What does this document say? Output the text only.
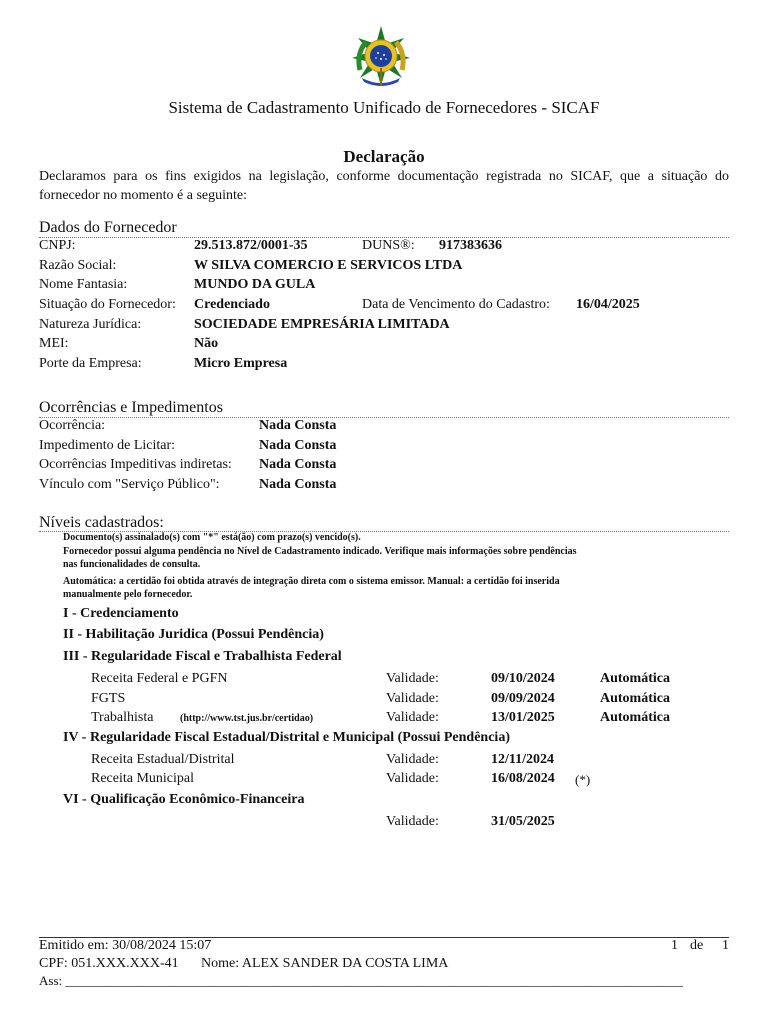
Sistema de Cadastramento Unificado de Fornecedores - SICAF
Declaração
Declaramos para os fins exigidos na legislação, conforme documentação registrada no SICAF, que a situação do fornecedor no momento é a seguinte:
Dados do Fornecedor
CNPJ:	29.513.872/0001-35	DUNS®: 917383636
Razão Social:	W SILVA COMERCIO E SERVICOS LTDA
Nome Fantasia:	MUNDO DA GULA
Situação do Fornecedor: Credenciado	Data de Vencimento do Cadastro: 16/04/2025
Natureza Jurídica:	SOCIEDADE EMPRESÁRIA LIMITADA
MEI:	Não
Porte da Empresa:	Micro Empresa
Ocorrências e Impedimentos
Ocorrência:	Nada Consta
Impedimento de Licitar:	Nada Consta
Ocorrências Impeditivas indiretas: Nada Consta
Vínculo com "Serviço Público":	Nada Consta
Níveis cadastrados:
Documento(s) assinalado(s) com "*" está(ão) com prazo(s) vencido(s).
Fornecedor possui alguma pendência no Nível de Cadastramento indicado. Verifique mais informações sobre pendências
nas funcionalidades de consulta.
Automática: a certidão foi obtida através de integração direta com o sistema emissor. Manual: a certidão foi inserida
manualmente pelo fornecedor.
I - Credenciamento
II - Habilitação Juridica (Possui Pendência)
III - Regularidade Fiscal e Trabalhista Federal
Receita Federal e PGFN	Validade:	09/10/2024	Automática
FGTS	Validade:	09/09/2024	Automática
Trabalhista	(http://www.tst.jus.br/certidao)	Validade:	13/01/2025	Automática
IV - Regularidade Fiscal Estadual/Distrital e Municipal (Possui Pendência)
Receita Estadual/Distrital	Validade:	12/11/2024
Receita Municipal	Validade:	16/08/2024 (*)
VI - Qualificação Econômico-Financeira
Validade:	31/05/2025
Emitido em: 30/08/2024 15:07	1 de 1
CPF: 051.XXX.XXX-41 Nome: ALEX SANDER DA COSTA LIMA
Ass: _______________________________________________________________________________________________
